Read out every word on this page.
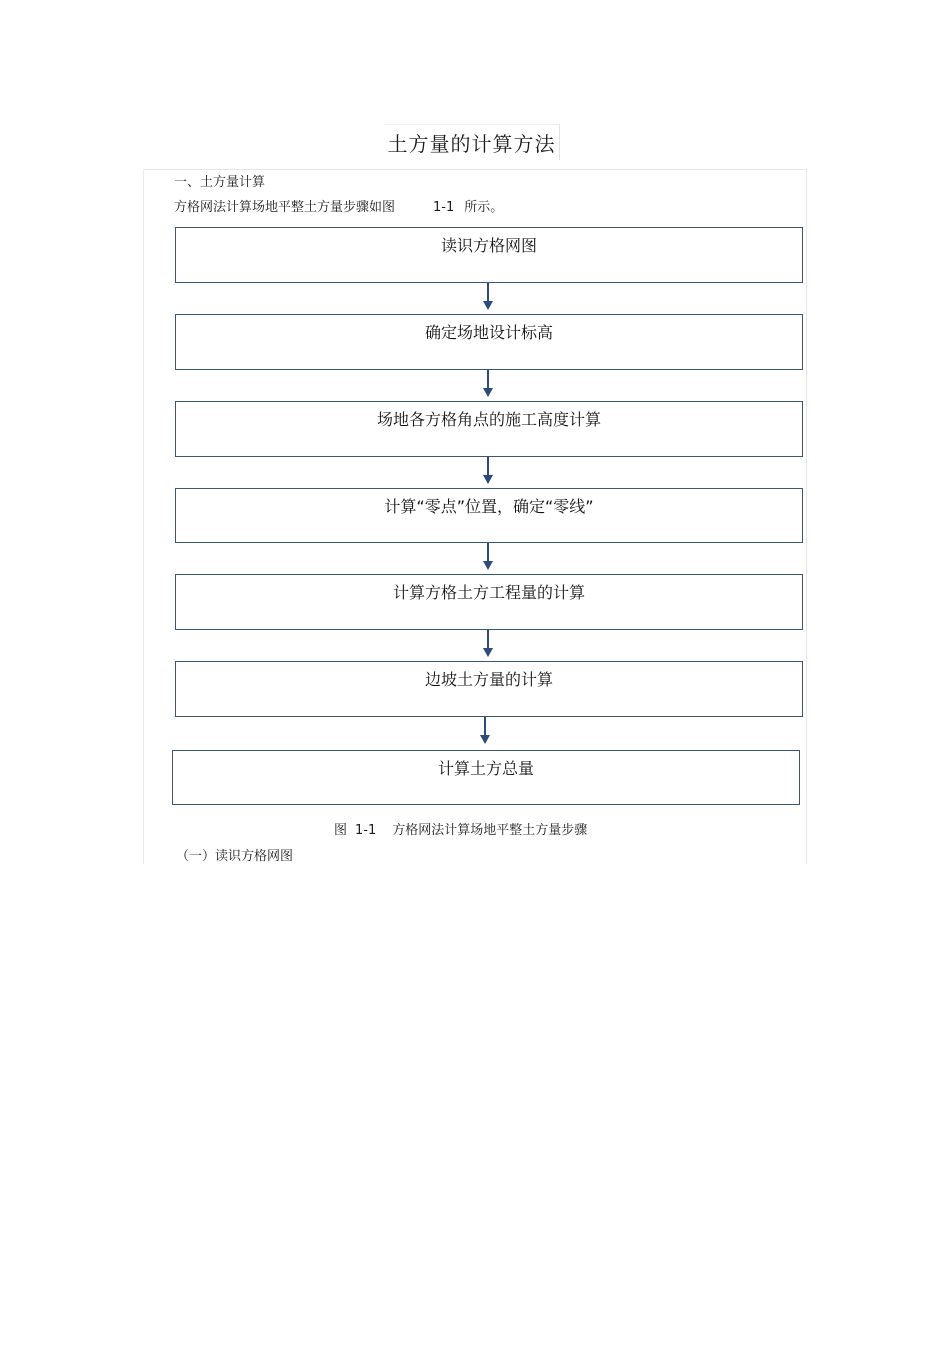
土方量的计算方法
一、土方量计算
方格网法计算场地平整土方量步骤如图	1-1 所示。
读识方格网图
确定场地设计标高
场地各方格角点的施工高度计算
计算“零点”位置，确定“零线”
计算方格土方工程量的计算
边坡土方量的计算
计算土方总量
图 1-1 方格网法计算场地平整土方量步骤
（一）读识方格网图
